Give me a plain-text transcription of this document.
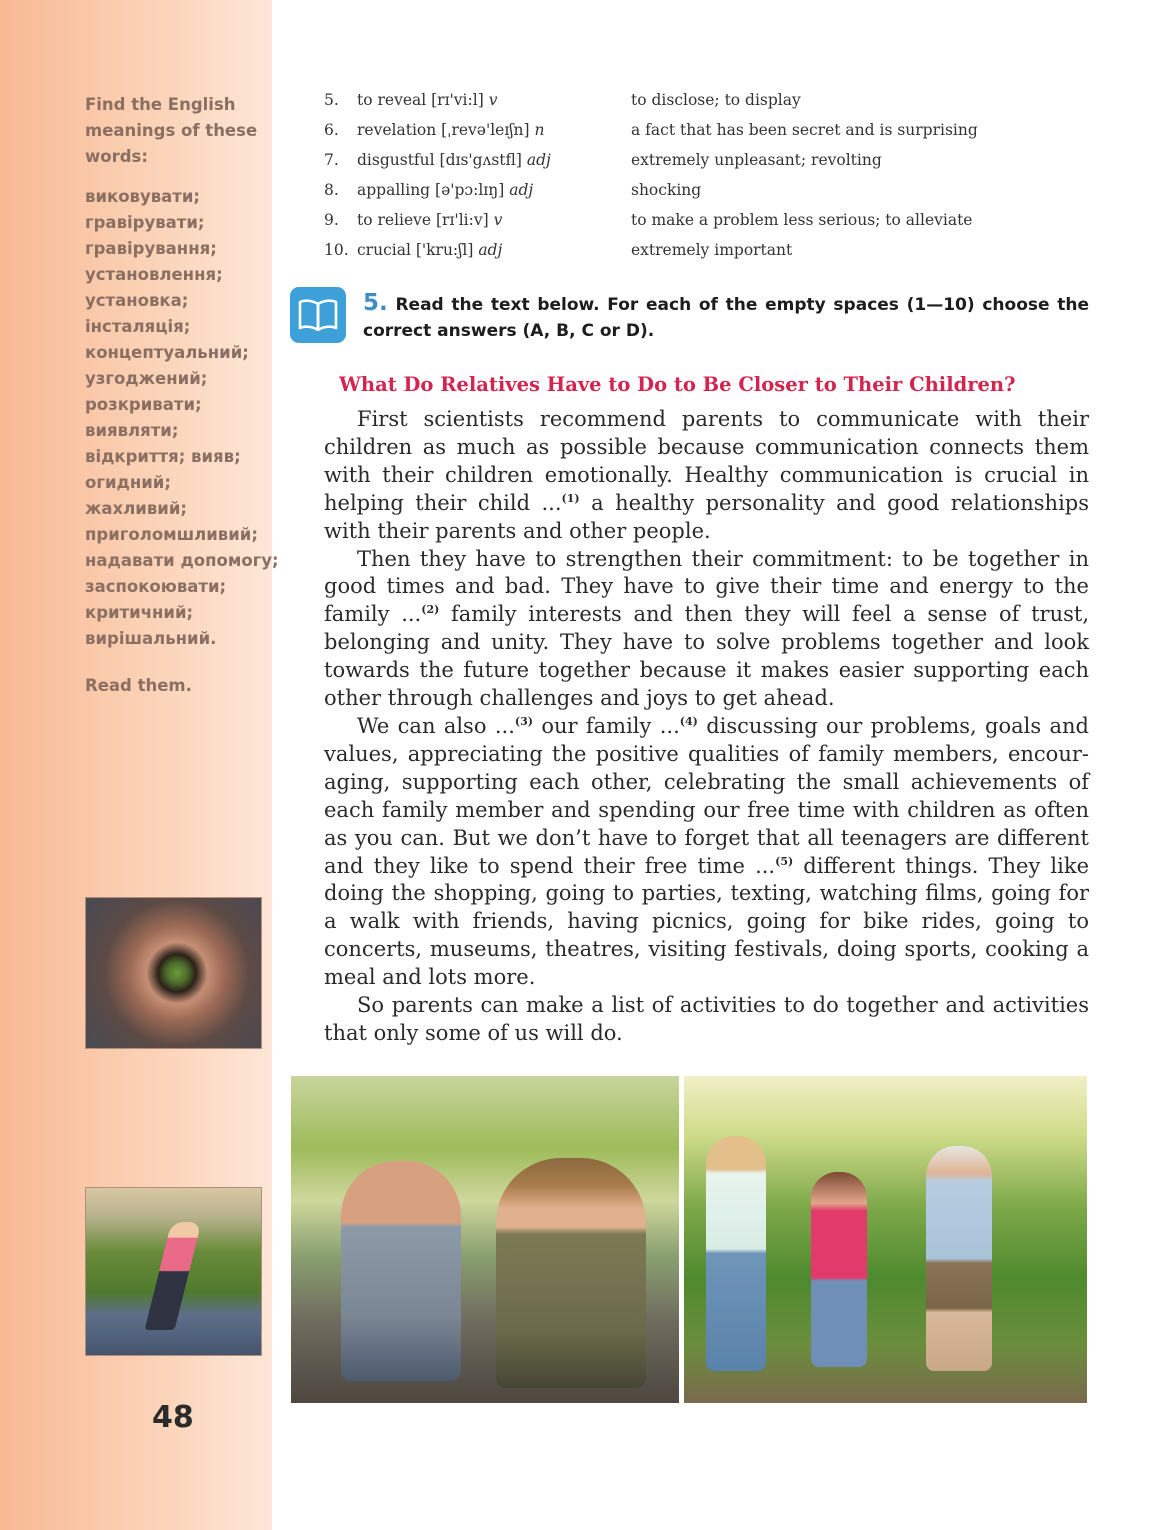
Find the English meanings of these words:
виковувати;
гравірувати;
гравірування;
установлення;
установка;
інсталяція;
концептуальний;
узгоджений;
розкривати;
виявляти;
відкриття; вияв;
огидний;
жахливий;
приголомшливий;
надавати допомогу;
заспокоювати;
критичний;
вирішальний.
Read them.
48
5. to reveal [rɪ'vi:l] v	to disclose; to display
6. revelation [ˌrevə'leɪʃn] n	a fact that has been secret and is surprising
7. disgustful [dɪs'gʌstfl] adj	extremely unpleasant; revolting
8. appalling [ə'pɔ:lɪŋ] adj	shocking
9. to relieve [rɪ'li:v] v	to make a problem less serious; to alleviate
10. crucial ['kru:ʃl] adj	extremely important
5. Read the text below. For each of the empty spaces (1—10) choose the correct answers (A, B, C or D).
What Do Relatives Have to Do to Be Closer to Their Children?

First scientists recommend parents to communicate with their children as much as possible because communication connects them with their children emotionally. Healthy communication is crucial in helping their child ...$^{(1)}$ a healthy personality and good relationships with their parents and other people.

Then they have to strengthen their commitment: to be together in good times and bad. They have to give their time and energy to the family ...$^{(2)}$ family interests and then they will feel a sense of trust, belonging and unity. They have to solve problems together and look towards the future together because it makes easier supporting each other through challenges and joys to get ahead.

We can also ...$^{(3)}$ our family ...$^{(4)}$ discussing our problems, goals and values, appreciating the positive qualities of family members, encouraging, supporting each other, celebrating the small achievements of each family member and spending our free time with children as often as you can. But we don’t have to forget that all teenagers are different and they like to spend their free time ...$^{(5)}$ different things. They like doing the shopping, going to parties, texting, watching films, going for a walk with friends, having picnics, going for bike rides, going to concerts, museums, theatres, visiting festivals, doing sports, cooking a meal and lots more.

So parents can make a list of activities to do together and activities that only some of us will do.
